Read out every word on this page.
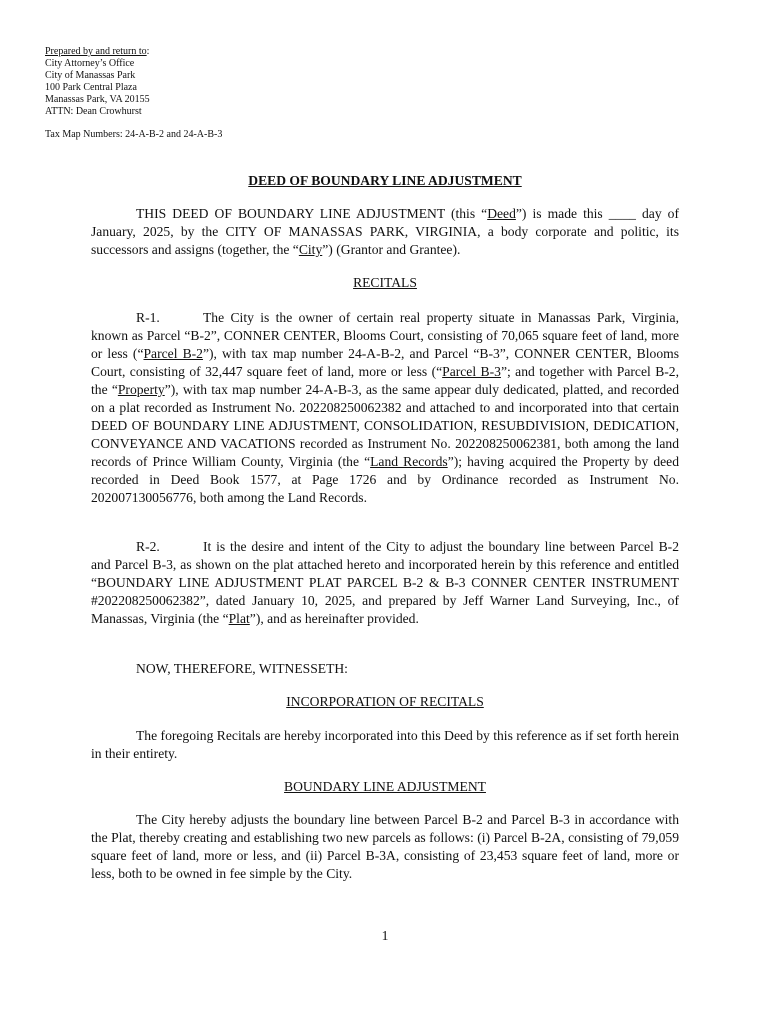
Prepared by and return to:
City Attorney’s Office
City of Manassas Park
100 Park Central Plaza
Manassas Park, VA 20155
ATTN: Dean Crowhurst
Tax Map Numbers: 24-A-B-2 and 24-A-B-3
DEED OF BOUNDARY LINE ADJUSTMENT
THIS DEED OF BOUNDARY LINE ADJUSTMENT (this “Deed”) is made this ____ day of January, 2025, by the CITY OF MANASSAS PARK, VIRGINIA, a body corporate and politic, its successors and assigns (together, the “City”) (Grantor and Grantee).
RECITALS
R-1.	The City is the owner of certain real property situate in Manassas Park, Virginia, known as Parcel “B-2”, CONNER CENTER, Blooms Court, consisting of 70,065 square feet of land, more or less (“Parcel B-2”), with tax map number 24-A-B-2, and Parcel “B-3”, CONNER CENTER, Blooms Court, consisting of 32,447 square feet of land, more or less (“Parcel B-3”; and together with Parcel B-2, the “Property”), with tax map number 24-A-B-3, as the same appear duly dedicated, platted, and recorded on a plat recorded as Instrument No. 202208250062382 and attached to and incorporated into that certain DEED OF BOUNDARY LINE ADJUSTMENT, CONSOLIDATION, RESUBDIVISION, DEDICATION, CONVEYANCE AND VACATIONS recorded as Instrument No. 202208250062381, both among the land records of Prince William County, Virginia (the “Land Records”); having acquired the Property by deed recorded in Deed Book 1577, at Page 1726 and by Ordinance recorded as Instrument No. 202007130056776, both among the Land Records.
R-2.	It is the desire and intent of the City to adjust the boundary line between Parcel B-2 and Parcel B-3, as shown on the plat attached hereto and incorporated herein by this reference and entitled “BOUNDARY LINE ADJUSTMENT PLAT PARCEL B-2 & B-3 CONNER CENTER INSTRUMENT #202208250062382”, dated January 10, 2025, and prepared by Jeff Warner Land Surveying, Inc., of Manassas, Virginia (the “Plat”), and as hereinafter provided.
NOW, THEREFORE, WITNESSETH:
INCORPORATION OF RECITALS
The foregoing Recitals are hereby incorporated into this Deed by this reference as if set forth herein in their entirety.
BOUNDARY LINE ADJUSTMENT
The City hereby adjusts the boundary line between Parcel B-2 and Parcel B-3 in accordance with the Plat, thereby creating and establishing two new parcels as follows: (i) Parcel B-2A, consisting of 79,059 square feet of land, more or less, and (ii) Parcel B-3A, consisting of 23,453 square feet of land, more or less, both to be owned in fee simple by the City.
1
